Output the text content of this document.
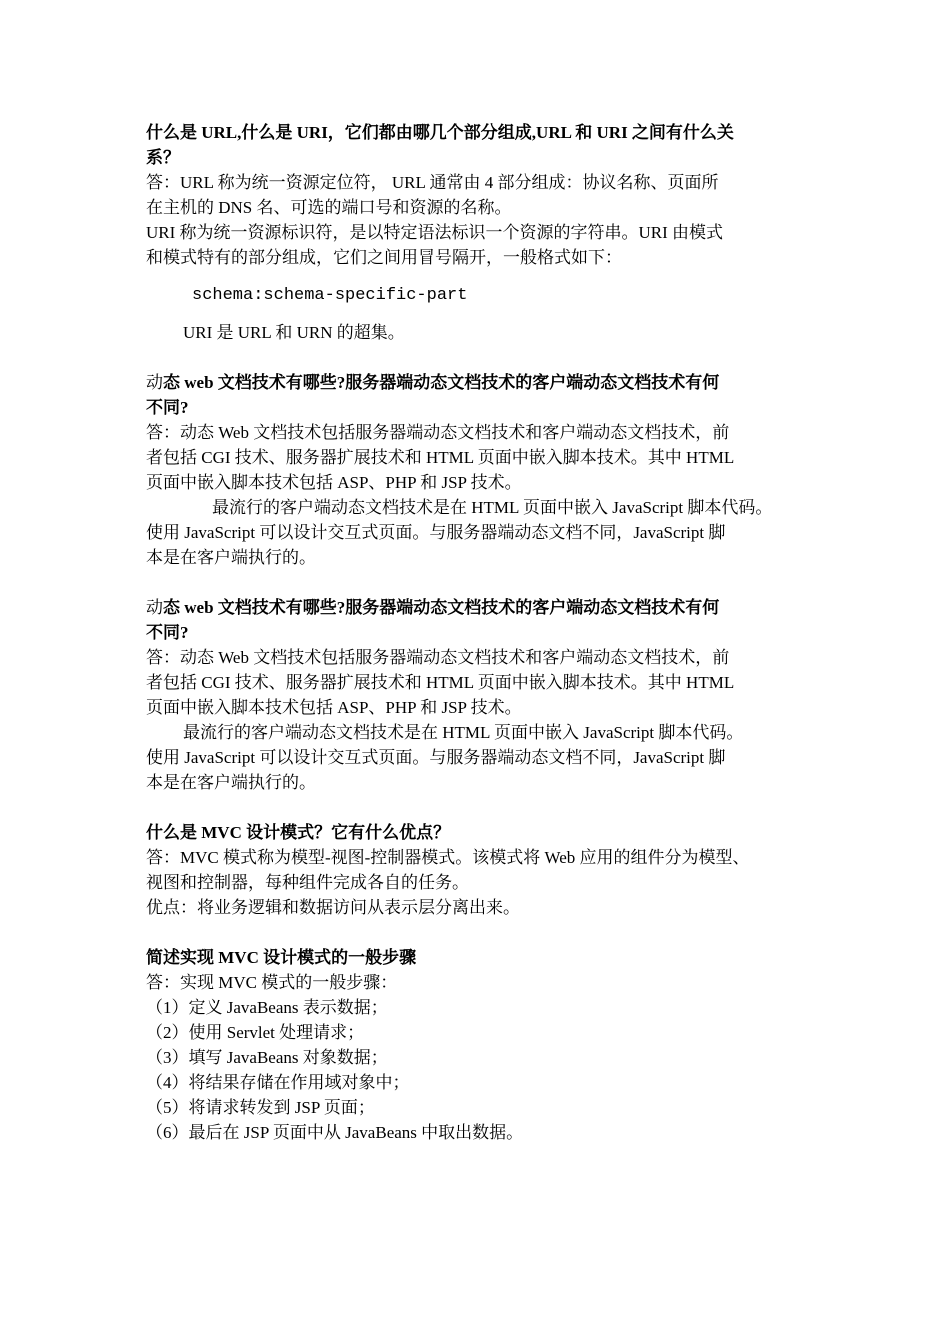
什么是 URL,什么是 URI，它们都由哪几个部分组成,URL 和 URI 之间有什么关
系？
答：URL 称为统一资源定位符， URL 通常由 4 部分组成：协议名称、页面所
在主机的 DNS 名、可选的端口号和资源的名称。
URI 称为统一资源标识符，是以特定语法标识一个资源的字符串。URI 由模式
和模式特有的部分组成，它们之间用冒号隔开，一般格式如下：
schema:schema-specific-part
URI 是 URL 和 URN 的超集。
动态 web 文档技术有哪些?服务器端动态文档技术的客户端动态文档技术有何
不同?
答：动态 Web 文档技术包括服务器端动态文档技术和客户端动态文档技术，前
者包括 CGI 技术、服务器扩展技术和 HTML 页面中嵌入脚本技术。其中 HTML
页面中嵌入脚本技术包括 ASP、PHP 和 JSP 技术。
最流行的客户端动态文档技术是在 HTML 页面中嵌入 JavaScript 脚本代码。
使用 JavaScript 可以设计交互式页面。与服务器端动态文档不同，JavaScript 脚
本是在客户端执行的。
动态 web 文档技术有哪些?服务器端动态文档技术的客户端动态文档技术有何
不同?
答：动态 Web 文档技术包括服务器端动态文档技术和客户端动态文档技术，前
者包括 CGI 技术、服务器扩展技术和 HTML 页面中嵌入脚本技术。其中 HTML
页面中嵌入脚本技术包括 ASP、PHP 和 JSP 技术。
最流行的客户端动态文档技术是在 HTML 页面中嵌入 JavaScript 脚本代码。
使用 JavaScript 可以设计交互式页面。与服务器端动态文档不同，JavaScript 脚
本是在客户端执行的。
什么是 MVC 设计模式？它有什么优点？
答：MVC 模式称为模型-视图-控制器模式。该模式将 Web 应用的组件分为模型、
视图和控制器，每种组件完成各自的任务。
优点：将业务逻辑和数据访问从表示层分离出来。
简述实现 MVC 设计模式的一般步骤
答：实现 MVC 模式的一般步骤：
（1）定义 JavaBeans 表示数据；
（2）使用 Servlet 处理请求；
（3）填写 JavaBeans 对象数据；
（4）将结果存储在作用域对象中；
（5）将请求转发到 JSP 页面；
（6）最后在 JSP 页面中从 JavaBeans 中取出数据。
